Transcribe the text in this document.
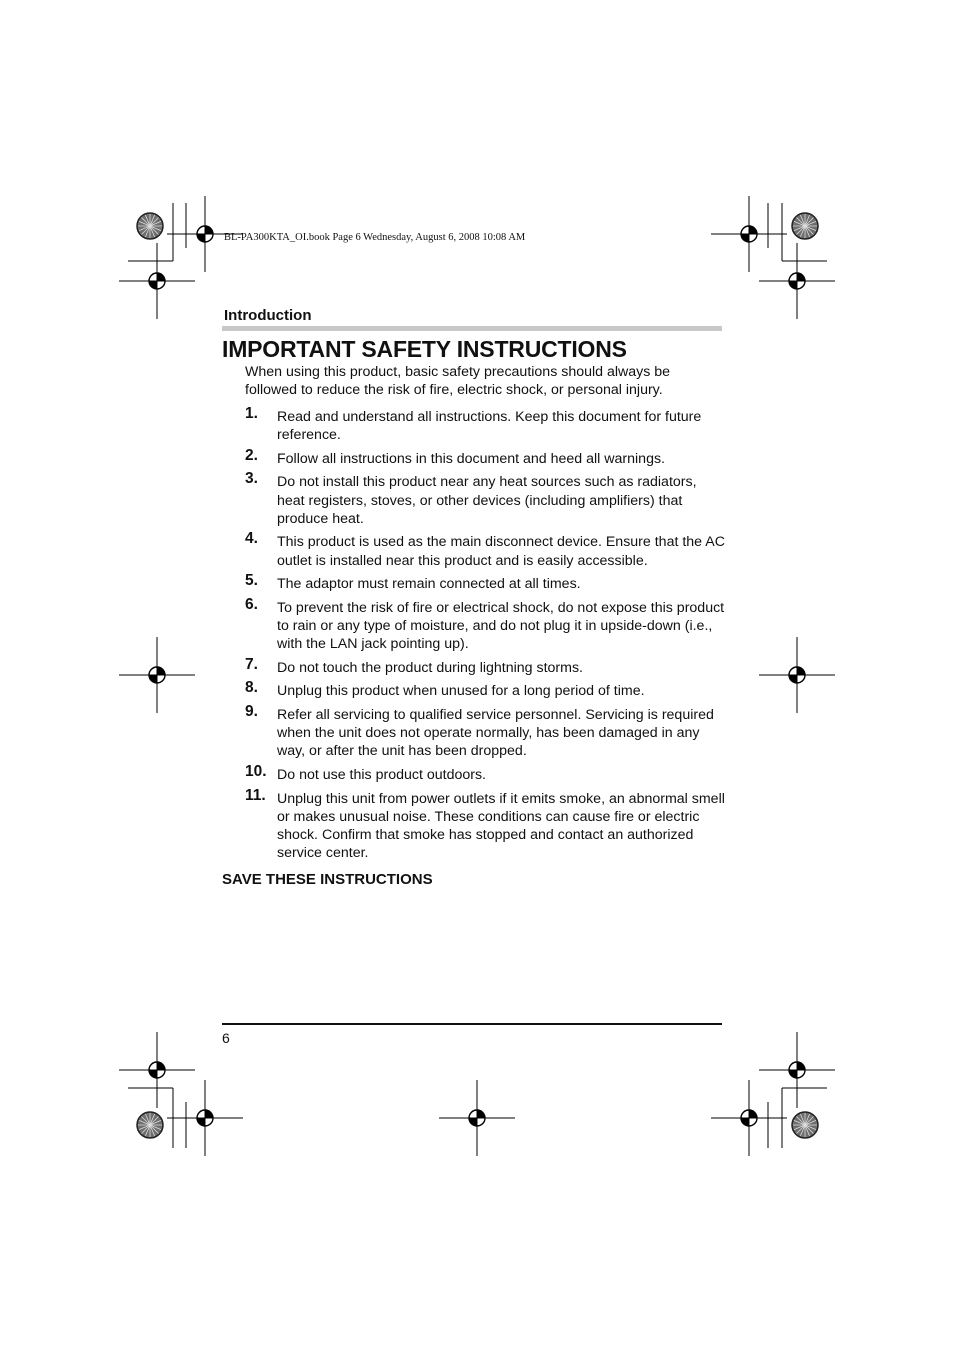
BL-PA300KTA_OI.book Page 6 Wednesday, August 6, 2008 10:08 AM
Introduction
IMPORTANT SAFETY INSTRUCTIONS
When using this product, basic safety precautions should always be followed to reduce the risk of fire, electric shock, or personal injury.
1. Read and understand all instructions. Keep this document for future reference.
2. Follow all instructions in this document and heed all warnings.
3. Do not install this product near any heat sources such as radiators, heat registers, stoves, or other devices (including amplifiers) that produce heat.
4. This product is used as the main disconnect device. Ensure that the AC outlet is installed near this product and is easily accessible.
5. The adaptor must remain connected at all times.
6. To prevent the risk of fire or electrical shock, do not expose this product to rain or any type of moisture, and do not plug it in upside-down (i.e., with the LAN jack pointing up).
7. Do not touch the product during lightning storms.
8. Unplug this product when unused for a long period of time.
9. Refer all servicing to qualified service personnel. Servicing is required when the unit does not operate normally, has been damaged in any way, or after the unit has been dropped.
10. Do not use this product outdoors.
11. Unplug this unit from power outlets if it emits smoke, an abnormal smell or makes unusual noise. These conditions can cause fire or electric shock. Confirm that smoke has stopped and contact an authorized service center.
SAVE THESE INSTRUCTIONS
6
